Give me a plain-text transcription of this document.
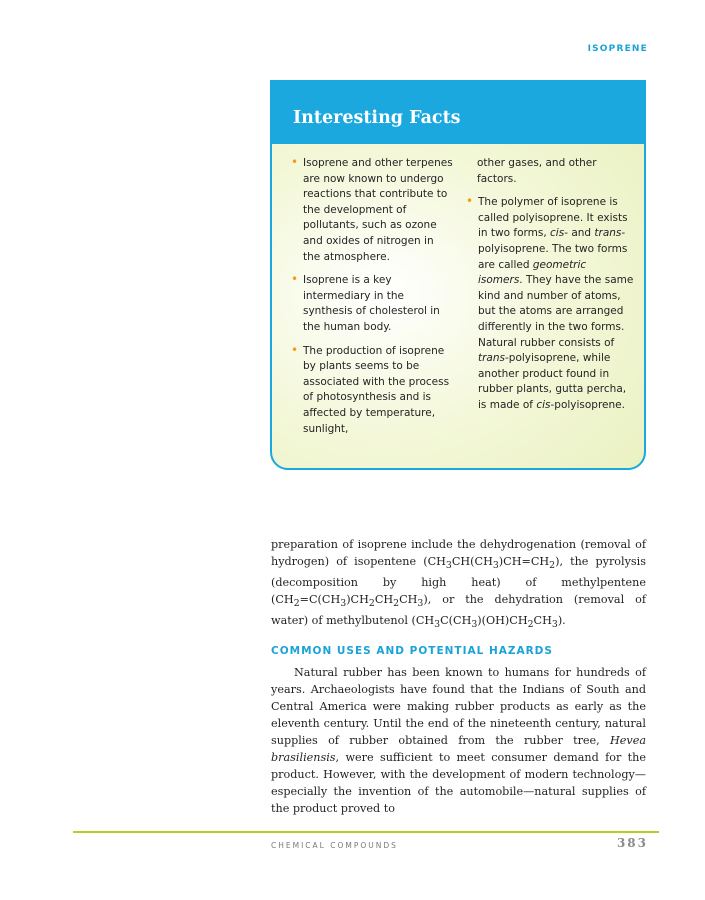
ISOPRENE
Interesting Facts

• Isoprene and other terpenes are now known to undergo reactions that contribute to the development of pollutants, such as ozone and oxides of nitrogen in the atmosphere.

• Isoprene is a key intermediary in the synthesis of cholesterol in the human body.

• The production of isoprene by plants seems to be associated with the process of photosynthesis and is affected by temperature, sunlight,

other gases, and other factors.

• The polymer of isoprene is called polyisoprene. It exists in two forms, cis- and trans-polyisoprene. The two forms are called geometric isomers. They have the same kind and number of atoms, but the atoms are arranged differently in the two forms. Natural rubber consists of trans-polyisoprene, while another product found in rubber plants, gutta percha, is made of cis-polyisoprene.

preparation of isoprene include the dehydrogenation (removal of hydrogen) of isopentene $(CH_3CH(CH_3)CH=CH_2)$, the pyrolysis (decomposition by high heat) of methylpentene $(CH_2=C(CH_3)CH_2CH_2CH_3)$, or the dehydration (removal of water) of methylbutenol $(CH_3C(CH_3)(OH)CH_2CH_3)$.

COMMON USES AND POTENTIAL HAZARDS

Natural rubber has been known to humans for hundreds of years. Archaeologists have found that the Indians of South and Central America were making rubber products as early as the eleventh century. Until the end of the nineteenth century, natural supplies of rubber obtained from the rubber tree, Hevea brasiliensis, were sufficient to meet consumer demand for the product. However, with the development of modern technology—especially the invention of the automobile—natural supplies of the product proved to

CHEMICAL COMPOUNDS	383
